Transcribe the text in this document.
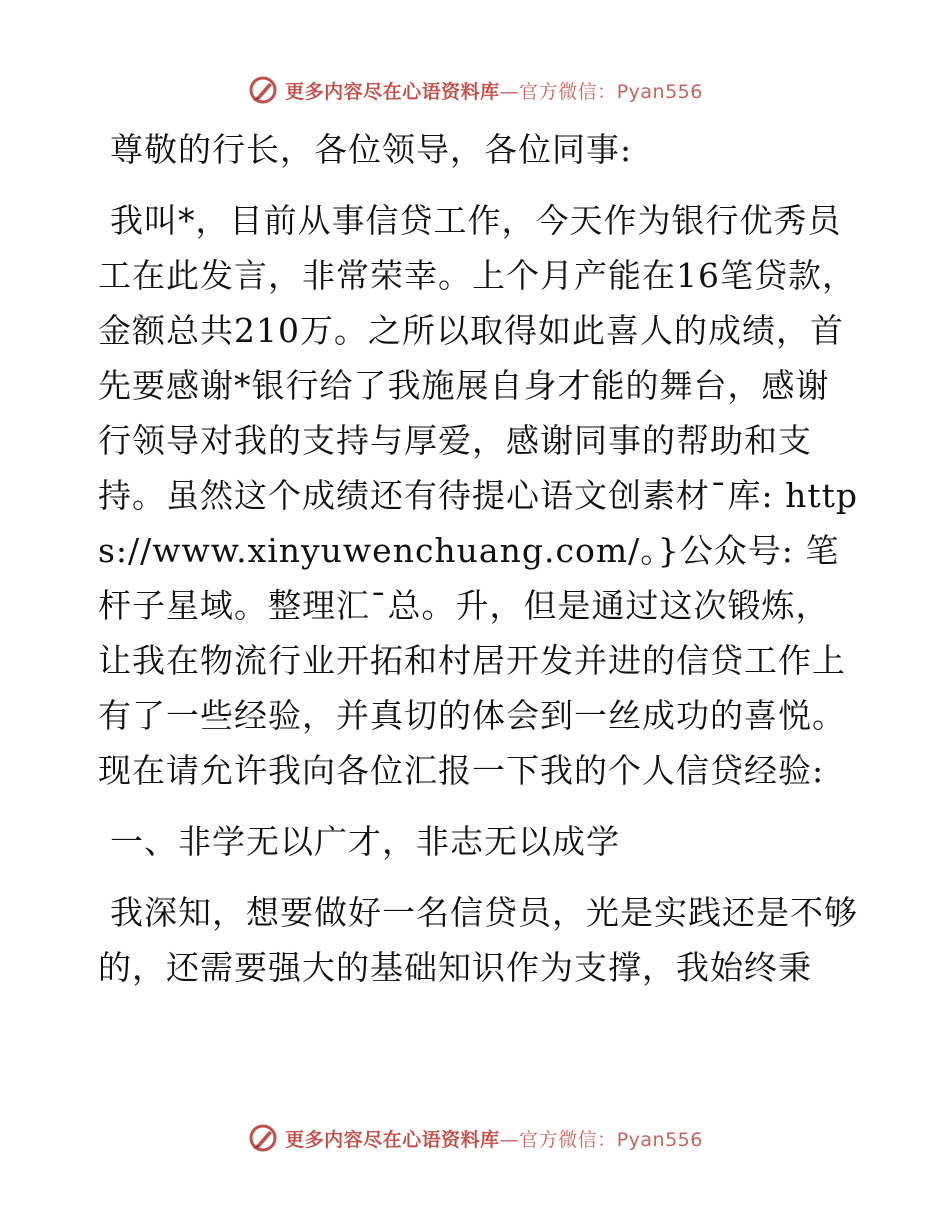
更多内容尽在心语资料库—官方微信：Pyan556

尊敬的行长，各位领导，各位同事:

我叫*，目前从事信贷工作，今天作为银行优秀员工在此发言，非常荣幸。上个月产能在16笔贷款，金额总共210万。之所以取得如此喜人的成绩，首先要感谢*银行给了我施展自身才能的舞台，感谢行领导对我的支持与厚爱，感谢同事的帮助和支持。虽然这个成绩还有待提心语文创素材¯库: https://www.xinyuwenchuang.com/。}公众号: 笔杆子星域。整理汇¯总。升，但是通过这次锻炼，让我在物流行业开拓和村居开发并进的信贷工作上有了一些经验，并真切的体会到一丝成功的喜悦。现在请允许我向各位汇报一下我的个人信贷经验:

一、非学无以广才，非志无以成学

我深知，想要做好一名信贷员，光是实践还是不够的，还需要强大的基础知识作为支撑，我始终秉

更多内容尽在心语资料库—官方微信：Pyan556
